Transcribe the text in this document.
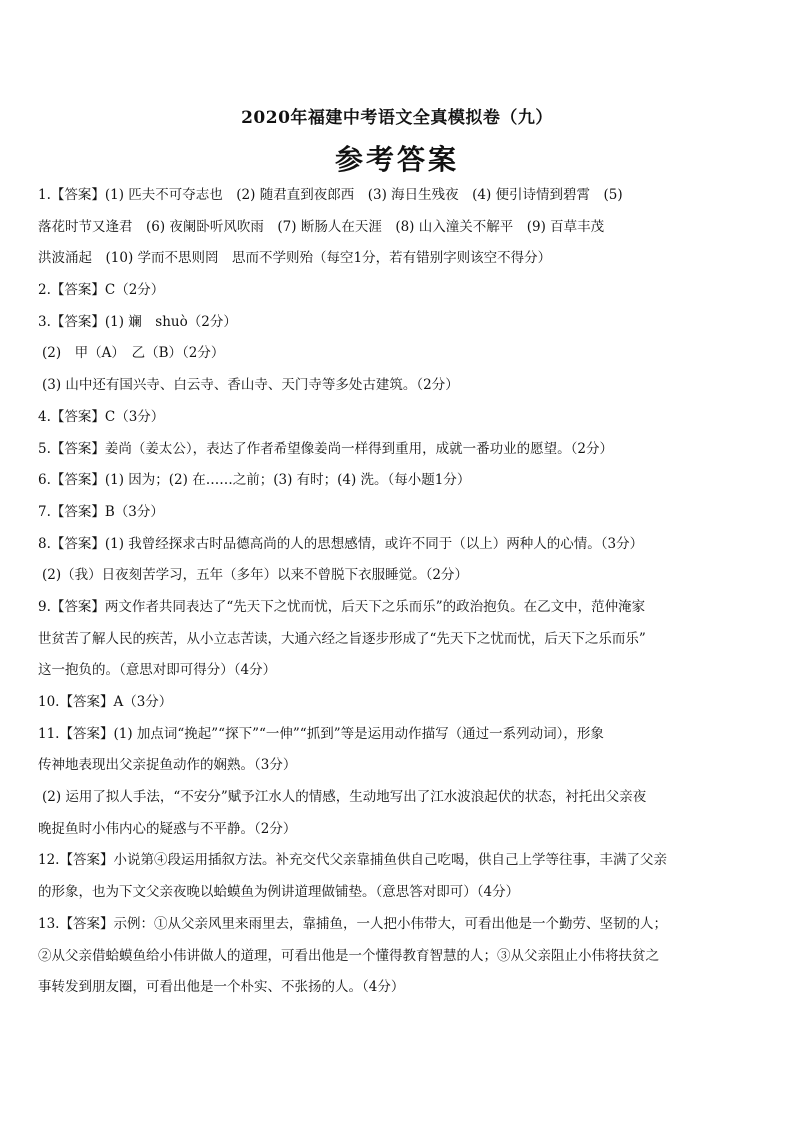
2020年福建中考语文全真模拟卷（九）
参考答案
1.【答案】(1) 匹夫不可夺志也　(2) 随君直到夜郎西　(3) 海日生残夜　(4) 便引诗情到碧霄　(5)
落花时节又逢君　(6) 夜阑卧听风吹雨　(7) 断肠人在天涯　(8) 山入潼关不解平　(9) 百草丰茂
洪波涌起　(10) 学而不思则罔　思而不学则殆（每空1分，若有错别字则该空不得分）
2.【答案】C（2分）
3.【答案】(1) 斓　shuò（2分）
(2)　甲（A）　乙（B）（2分）
(3) 山中还有国兴寺、白云寺、香山寺、天门寺等多处古建筑。（2分）
4.【答案】C（3分）
5.【答案】姜尚（姜太公），表达了作者希望像姜尚一样得到重用，成就一番功业的愿望。（2分）
6.【答案】(1) 因为；(2) 在……之前；(3) 有时；(4) 洗。（每小题1分）
7.【答案】B（3分）
8.【答案】(1) 我曾经探求古时品德高尚的人的思想感情，或许不同于（以上）两种人的心情。（3分）
(2)（我）日夜刻苦学习，五年（多年）以来不曾脱下衣服睡觉。（2分）
9.【答案】两文作者共同表达了“先天下之忧而忧，后天下之乐而乐”的政治抱负。在乙文中，范仲淹家
世贫苦了解人民的疾苦，从小立志苦读，大通六经之旨逐步形成了“先天下之忧而忧，后天下之乐而乐”
这一抱负的。（意思对即可得分）（4分）
10.【答案】A（3分）
11.【答案】(1) 加点词“挽起”“探下”“一伸”“抓到”等是运用动作描写（通过一系列动词），形象
传神地表现出父亲捉鱼动作的娴熟。（3分）
(2) 运用了拟人手法，“不安分”赋予江水人的情感，生动地写出了江水波浪起伏的状态，衬托出父亲夜
晚捉鱼时小伟内心的疑惑与不平静。（2分）
12.【答案】小说第④段运用插叙方法。补充交代父亲靠捕鱼供自己吃喝，供自己上学等往事，丰满了父亲
的形象，也为下文父亲夜晚以蛤蟆鱼为例讲道理做铺垫。（意思答对即可）（4分）
13.【答案】示例：①从父亲风里来雨里去，靠捕鱼，一人把小伟带大，可看出他是一个勤劳、坚韧的人；
②从父亲借蛤蟆鱼给小伟讲做人的道理，可看出他是一个懂得教育智慧的人；③从父亲阻止小伟将扶贫之
事转发到朋友圈，可看出他是一个朴实、不张扬的人。（4分）
